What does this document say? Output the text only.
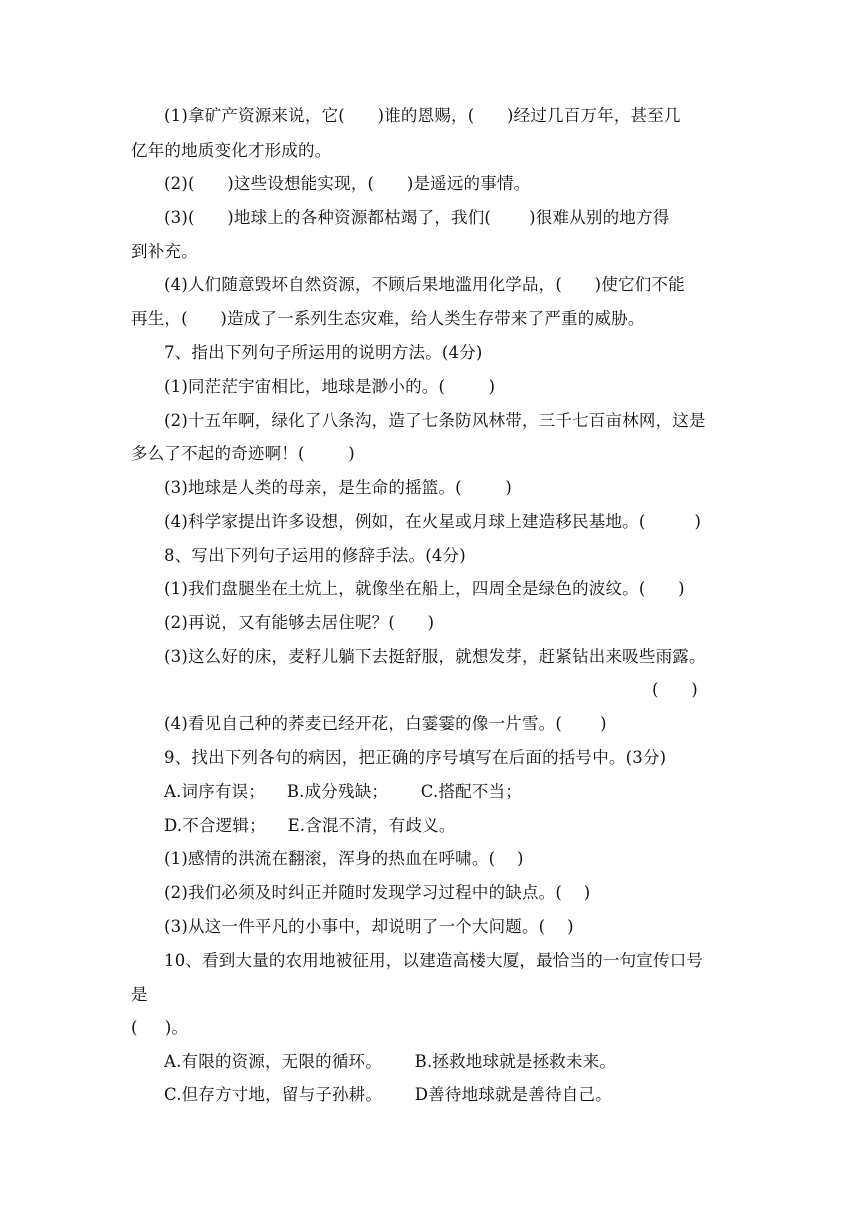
(1)拿矿产资源来说，它(      )谁的恩赐，(      )经过几百万年，甚至几
亿年的地质变化才形成的。
(2)(      )这些设想能实现，(      )是遥远的事情。
(3)(      )地球上的各种资源都枯竭了，我们(       )很难从别的地方得
到补充。
(4)人们随意毁坏自然资源，不顾后果地滥用化学品，(      )使它们不能
再生，(      )造成了一系列生态灾难，给人类生存带来了严重的威胁。
7、指出下列句子所运用的说明方法。(4分)
(1)同茫茫宇宙相比，地球是渺小的。(        )
(2)十五年啊，绿化了八条沟，造了七条防风林带，三千七百亩林网，这是
多么了不起的奇迹啊！(        )
(3)地球是人类的母亲，是生命的摇篮。(        )
(4)科学家提出许多设想，例如，在火星或月球上建造移民基地。(         )
8、写出下列句子运用的修辞手法。(4分)
(1)我们盘腿坐在土炕上，就像坐在船上，四周全是绿色的波纹。(      )
(2)再说，又有能够去居住呢？(      )
(3)这么好的床，麦籽儿躺下去挺舒服，就想发芽，赶紧钻出来吸些雨露。
(      )
(4)看见自己种的荞麦已经开花，白霎霎的像一片雪。(       )
9、找出下列各句的病因，把正确的序号填写在后面的括号中。(3分)
A.词序有误；    B.成分残缺；      C.搭配不当；
D.不合逻辑；    E.含混不清，有歧义。
(1)感情的洪流在翻滚，浑身的热血在呼啸。(    )
(2)我们必须及时纠正并随时发现学习过程中的缺点。(    )
(3)从这一件平凡的小事中，却说明了一个大问题。(    )
10、看到大量的农用地被征用，以建造高楼大厦，最恰当的一句宣传口号
是
(     )。
A.有限的资源，无限的循环。      B.拯救地球就是拯救未来。
C.但存方寸地，留与子孙耕。      D善待地球就是善待自己。
